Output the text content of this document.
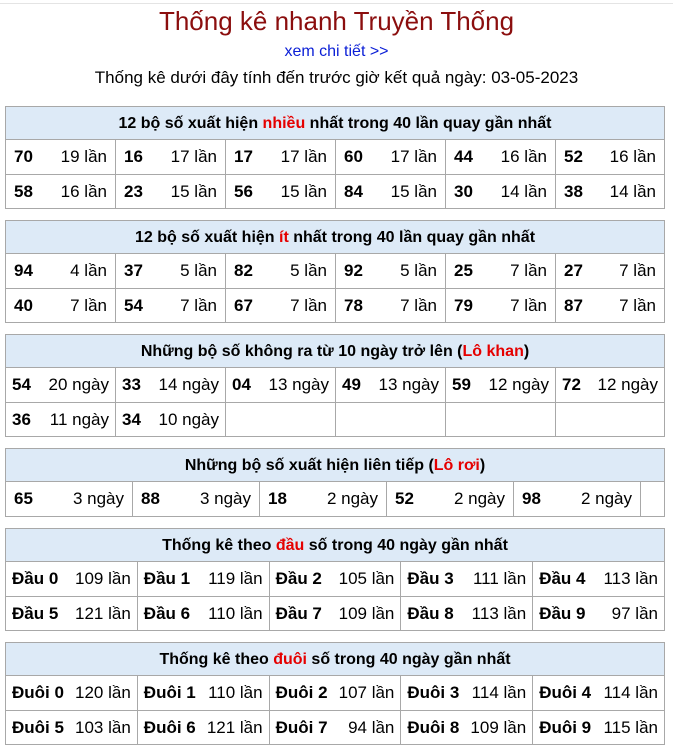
Thống kê nhanh Truyền Thống
xem chi tiết >>
Thống kê dưới đây tính đến trước giờ kết quả ngày: 03-05-2023
12 bộ số xuất hiện nhiều nhất trong 40 lần quay gần nhất
70 19 lần 16 17 lần 17 17 lần 60 17 lần 44 16 lần 52 16 lần
58 16 lần 23 15 lần 56 15 lần 84 15 lần 30 14 lần 38 14 lần
12 bộ số xuất hiện ít nhất trong 40 lần quay gần nhất
94 4 lần 37 5 lần 82 5 lần 92 5 lần 25 7 lần 27 7 lần
40 7 lần 54 7 lần 67 7 lần 78 7 lần 79 7 lần 87 7 lần
Những bộ số không ra từ 10 ngày trở lên (Lô khan)
54 20 ngày 33 14 ngày 04 13 ngày 49 13 ngày 59 12 ngày 72 12 ngày
36 11 ngày 34 10 ngày
Những bộ số xuất hiện liên tiếp (Lô rơi)
65 3 ngày 88 3 ngày 18 2 ngày 52 2 ngày 98 2 ngày
Thống kê theo đầu số trong 40 ngày gần nhất
Đầu 0 109 lần Đầu 1 119 lần Đầu 2 105 lần Đầu 3 111 lần Đầu 4 113 lần
Đầu 5 121 lần Đầu 6 110 lần Đầu 7 109 lần Đầu 8 113 lần Đầu 9 97 lần
Thống kê theo đuôi số trong 40 ngày gần nhất
Đuôi 0 120 lần Đuôi 1 110 lần Đuôi 2 107 lần Đuôi 3 114 lần Đuôi 4 114 lần
Đuôi 5 103 lần Đuôi 6 121 lần Đuôi 7 94 lần Đuôi 8 109 lần Đuôi 9 115 lần
